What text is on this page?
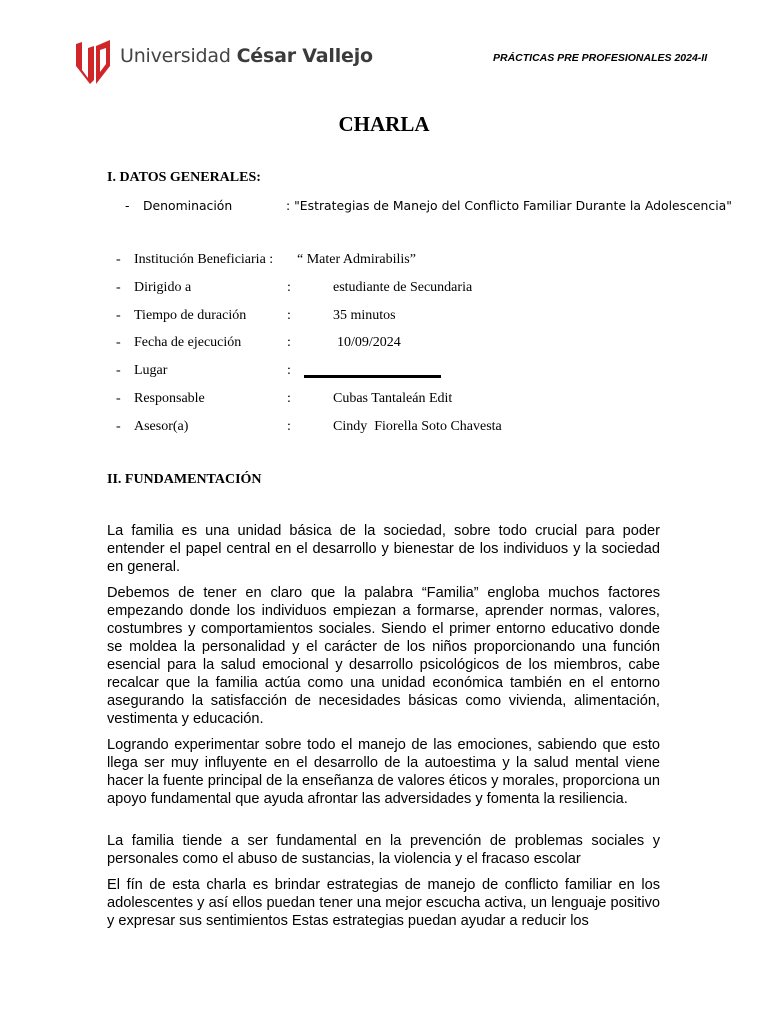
Universidad César Vallejo	PRÁCTICAS PRE PROFESIONALES 2024-II
CHARLA
I. DATOS GENERALES:
- Denominación	: "Estrategias de Manejo del Conflicto Familiar Durante la Adolescencia"
- Institución Beneficiaria : “ Mater Admirabilis”
- Dirigido a	:	estudiante de Secundaria
- Tiempo de duración	:	35 minutos
- Fecha de ejecución	:	10/09/2024
- Lugar	:
- Responsable	:	Cubas Tantaleán Edit
- Asesor(a)	:	Cindy  Fiorella Soto Chavesta
II. FUNDAMENTACIÓN

La familia es una unidad básica de la sociedad, sobre todo crucial para poder entender el papel central en el desarrollo y bienestar de los individuos y la sociedad en general.

Debemos de tener en claro que la palabra “Familia” engloba muchos factores empezando donde los individuos empiezan a formarse, aprender normas, valores, costumbres y comportamientos sociales. Siendo el primer entorno educativo donde se moldea la personalidad y el carácter de los niños proporcionando una función esencial para la salud emocional y desarrollo psicológicos de los miembros, cabe recalcar que la familia actúa como una unidad económica también en el entorno asegurando la satisfacción de necesidades básicas como vivienda, alimentación, vestimenta y educación.

Logrando experimentar sobre todo el manejo de las emociones, sabiendo que esto llega ser muy influyente en el desarrollo de la autoestima y la salud mental viene hacer la fuente principal de la enseñanza de valores éticos y morales, proporciona un apoyo fundamental que ayuda afrontar las adversidades y fomenta la resiliencia.

La familia tiende a ser fundamental en la prevención de problemas sociales y personales como el abuso de sustancias, la violencia y el fracaso escolar

El fín de esta charla es brindar estrategias de manejo de conflicto familiar en los adolescentes y así ellos puedan tener una mejor escucha activa, un lenguaje positivo y expresar sus sentimientos Estas estrategias puedan ayudar a reducir los
